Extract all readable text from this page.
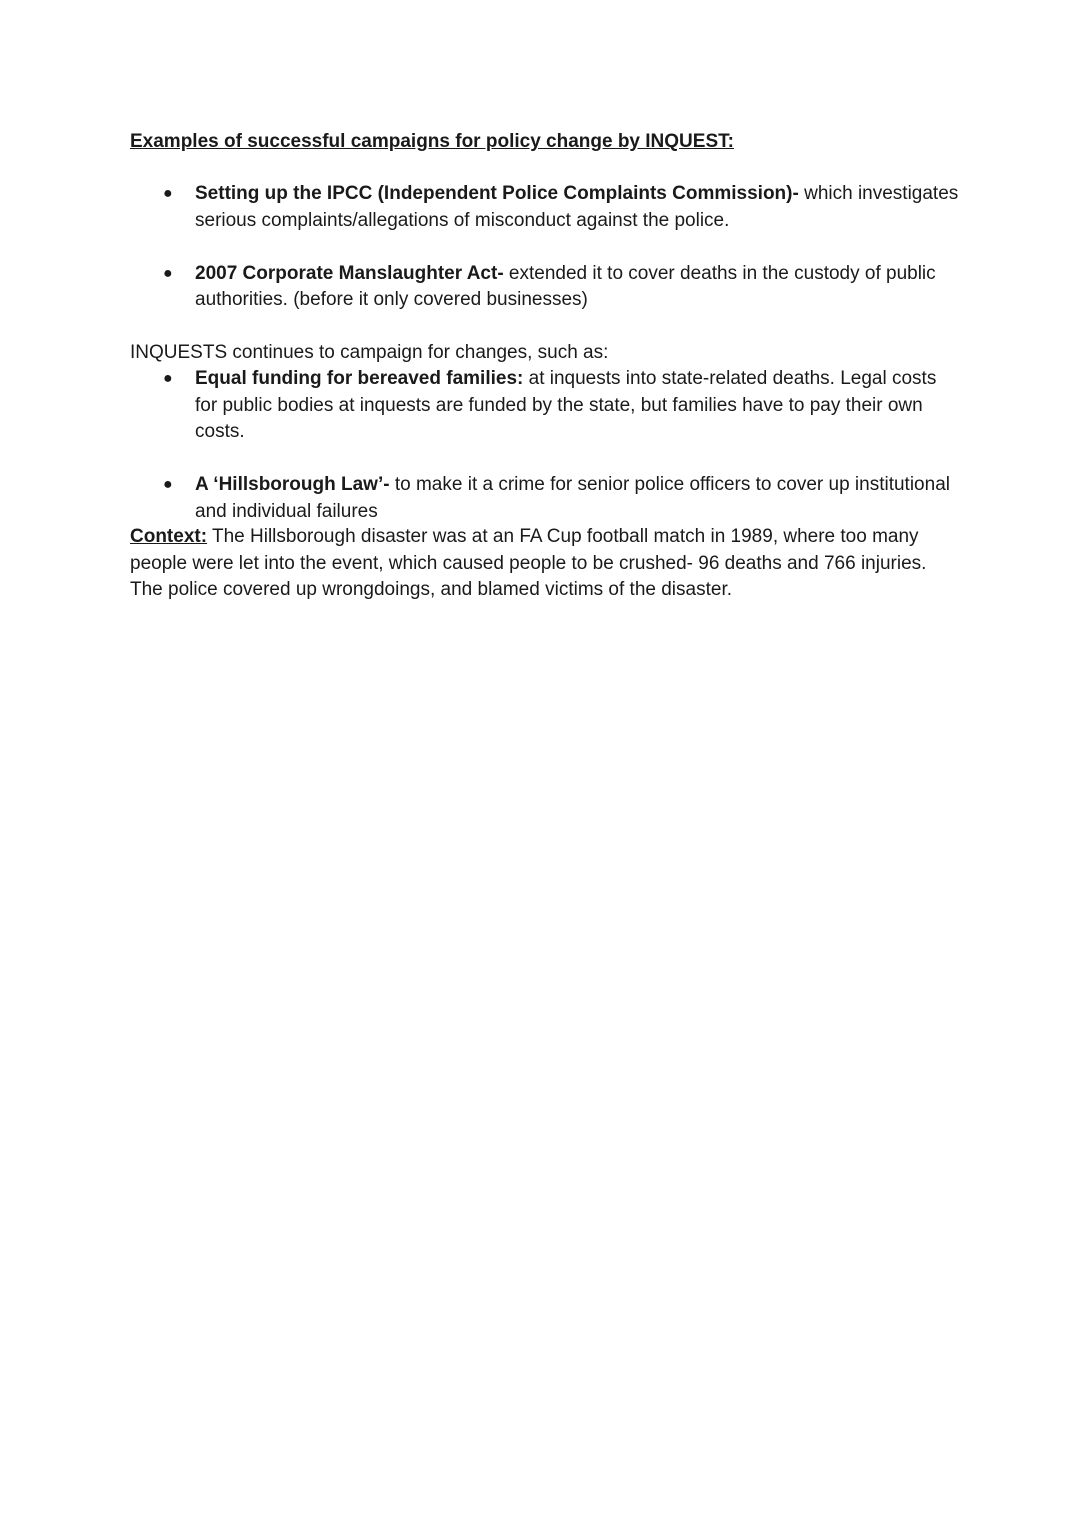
Examples of successful campaigns for policy change by INQUEST:
● Setting up the IPCC (Independent Police Complaints Commission)- which investigates serious complaints/allegations of misconduct against the police.
● 2007 Corporate Manslaughter Act- extended it to cover deaths in the custody of public authorities. (before it only covered businesses)
INQUESTS continues to campaign for changes, such as:
● Equal funding for bereaved families: at inquests into state-related deaths. Legal costs for public bodies at inquests are funded by the state, but families have to pay their own costs.
● A ‘Hillsborough Law’- to make it a crime for senior police officers to cover up institutional and individual failures
Context: The Hillsborough disaster was at an FA Cup football match in 1989, where too many people were let into the event, which caused people to be crushed- 96 deaths and 766 injuries. The police covered up wrongdoings, and blamed victims of the disaster.
